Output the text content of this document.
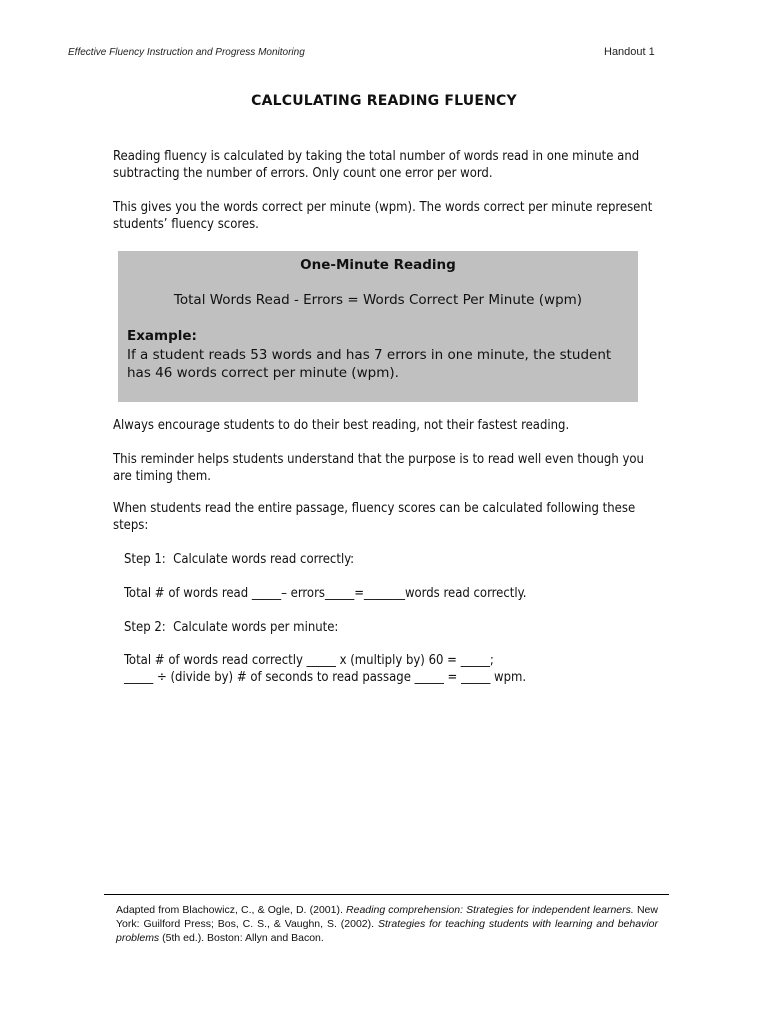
Effective Fluency Instruction and Progress Monitoring	Handout 1
CALCULATING READING FLUENCY

Reading fluency is calculated by taking the total number of words read in one minute and subtracting the number of errors. Only count one error per word.

This gives you the words correct per minute (wpm). The words correct per minute represent students’ fluency scores.

One-Minute Reading
Total Words Read - Errors = Words Correct Per Minute (wpm)
Example:
If a student reads 53 words and has 7 errors in one minute, the student has 46 words correct per minute (wpm).

Always encourage students to do their best reading, not their fastest reading.

This reminder helps students understand that the purpose is to read well even though you are timing them.

When students read the entire passage, fluency scores can be calculated following these steps:

Step 1:  Calculate words read correctly:
Total # of words read _____– errors_____=_______words read correctly.
Step 2:  Calculate words per minute:
Total # of words read correctly _____ x (multiply by) 60 = _____;
_____ ÷ (divide by) # of seconds to read passage _____ = _____ wpm.
Adapted from Blachowicz, C., & Ogle, D. (2001). Reading comprehension: Strategies for independent learners. New York: Guilford Press; Bos, C. S., & Vaughn, S. (2002). Strategies for teaching students with learning and behavior problems (5th ed.). Boston: Allyn and Bacon.
